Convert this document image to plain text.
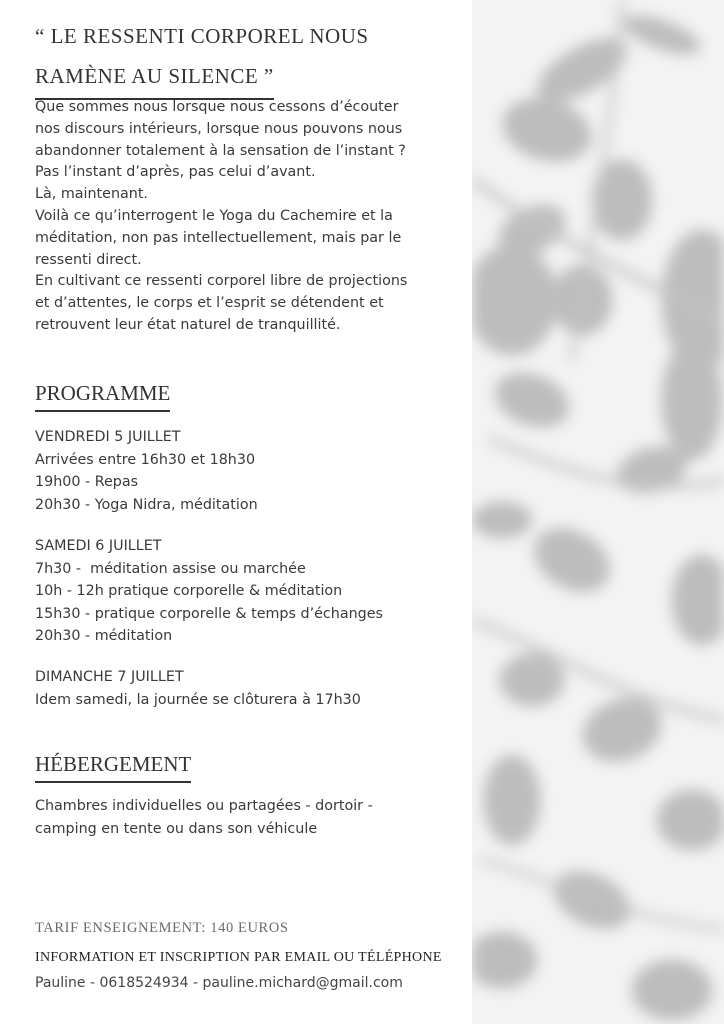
“ LE RESSENTI CORPOREL NOUS
RAMÈNE AU SILENCE ”

Que sommes nous lorsque nous cessons d’écouter

nos discours intérieurs, lorsque nous pouvons nous

abandonner totalement à la sensation de l’instant ?

Pas l’instant d’après, pas celui d’avant.

Là, maintenant.

Voilà ce qu’interrogent le Yoga du Cachemire et la

méditation, non pas intellectuellement, mais par le

ressenti direct.

En cultivant ce ressenti corporel libre de projections

et d’attentes, le corps et l’esprit se détendent et

retrouvent leur état naturel de tranquillité.

PROGRAMME

VENDREDI 5 JUILLET

Arrivées entre 16h30 et 18h30

19h00 - Repas

20h30 - Yoga Nidra, méditation

SAMEDI 6 JUILLET

7h30 -  méditation assise ou marchée

10h - 12h pratique corporelle & méditation

15h30 - pratique corporelle & temps d’échanges

20h30 - méditation

DIMANCHE 7 JUILLET

Idem samedi, la journée se clôturera à 17h30

HÉBERGEMENT

Chambres individuelles ou partagées - dortoir -

camping en tente ou dans son véhicule

TARIF ENSEIGNEMENT: 140 EUROS
INFORMATION ET INSCRIPTION PAR EMAIL OU TÉLÉPHONE
Pauline - 0618524934 - pauline.michard@gmail.com
